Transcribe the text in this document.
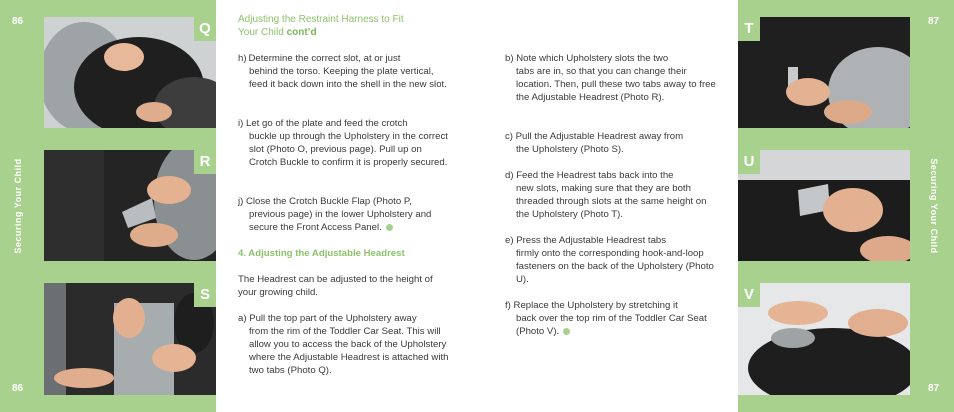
86
86
Securing Your Child
87
87
Securing Your Child
Q
R
S
T
U
V
Adjusting the Restraint Harness to Fit
Your Child cont’d
h) Determine the correct slot, at or just
behind the torso. Keeping the plate vertical, feed it back down into the shell in the new slot.
i) Let go of the plate and feed the crotch
buckle up through the Upholstery in the correct slot (Photo O, previous page). Pull up on Crotch Buckle to confirm it is properly secured.
j) Close the Crotch Buckle Flap (Photo P,
previous page) in the lower Upholstery and secure the Front Access Panel.
4. Adjusting the Adjustable Headrest
The Headrest can be adjusted to the height of your growing child.
a) Pull the top part of the Upholstery away
from the rim of the Toddler Car Seat. This will allow you to access the back of the Upholstery where the Adjustable Headrest is attached with two tabs (Photo Q).
b) Note which Upholstery slots the two
tabs are in, so that you can change their location. Then, pull these two tabs away to free the Adjustable Headrest (Photo R).
c) Pull the Adjustable Headrest away from
the Upholstery (Photo S).
d) Feed the Headrest tabs back into the
new slots, making sure that they are both threaded through slots at the same height on the Upholstery (Photo T).
e) Press the Adjustable Headrest tabs
firmly onto the corresponding hook-and-loop fasteners on the back of the Upholstery (Photo U).
f) Replace the Upholstery by stretching it
back over the top rim of the Toddler Car Seat (Photo V).
